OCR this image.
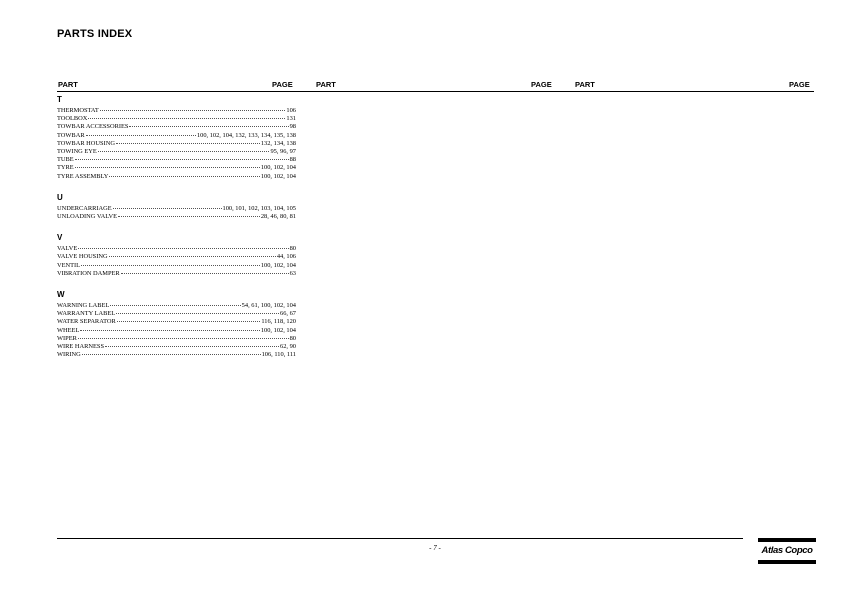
PARTS INDEX
PART	PAGE	PART	PAGE	PART	PAGE
T
THERMOSTAT	106
TOOLBOX	131
TOWBAR ACCESSORIES	98
TOWBAR	100, 102, 104, 132, 133, 134, 135, 138
TOWBAR HOUSING	132, 134, 138
TOWING EYE	95, 96, 97
TUBE	88
TYRE	100, 102, 104
TYRE ASSEMBLY	100, 102, 104
U
UNDERCARRIAGE	100, 101, 102, 103, 104, 105
UNLOADING VALVE	28, 46, 80, 81
V
VALVE	80
VALVE HOUSING	44, 106
VENTIL	100, 102, 104
VIBRATION DAMPER	63
W
WARNING LABEL	54, 61, 100, 102, 104
WARRANTY LABEL	66, 67
WATER SEPARATOR	116, 118, 120
WHEEL	100, 102, 104
WIPER	80
WIRE HARNESS	62, 90
WIRING	106, 110, 111
- 7 -	Atlas Copco
